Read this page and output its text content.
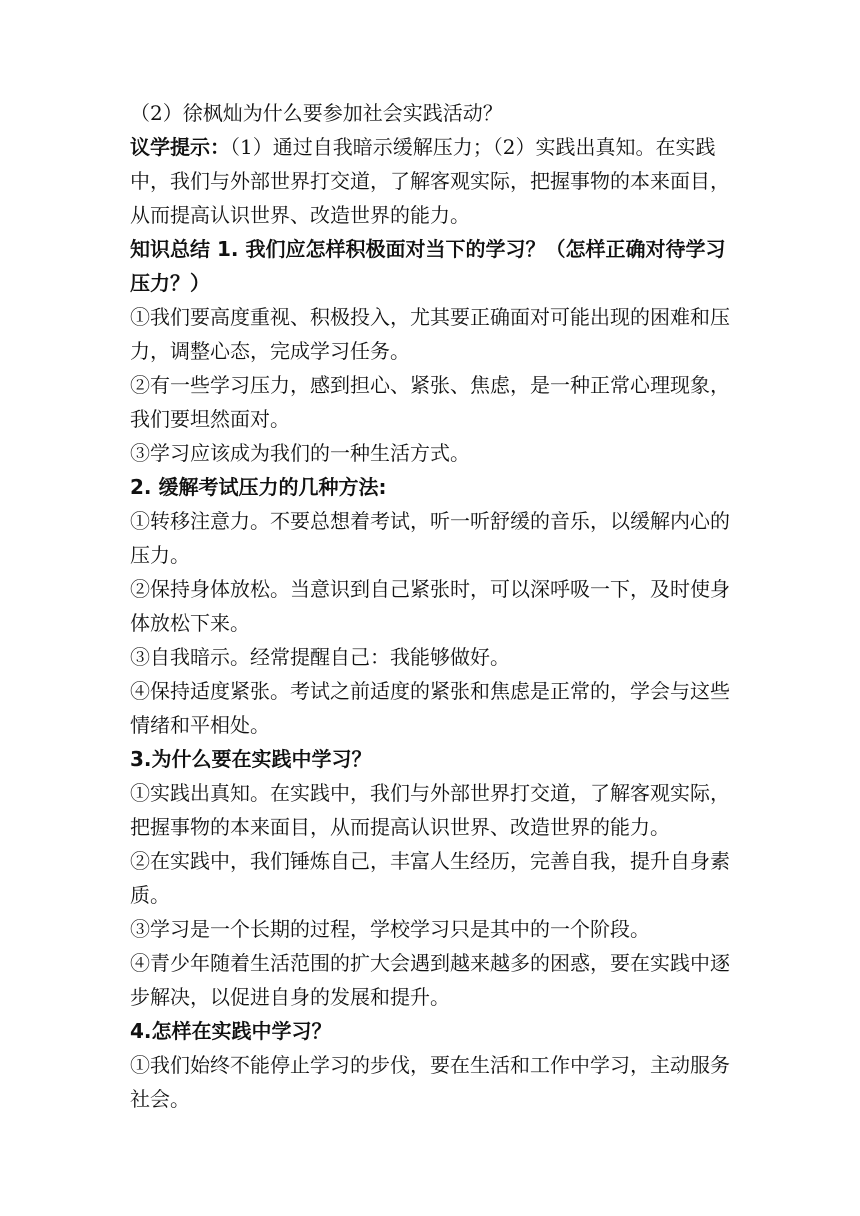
（2）徐枫灿为什么要参加社会实践活动？
议学提示：（1）通过自我暗示缓解压力；（2）实践出真知。在实践
中，我们与外部世界打交道，了解客观实际，把握事物的本来面目，
从而提高认识世界、改造世界的能力。
知识总结 1. 我们应怎样积极面对当下的学习？（怎样正确对待学习
压力？）
①我们要高度重视、积极投入，尤其要正确面对可能出现的困难和压
力，调整心态，完成学习任务。
②有一些学习压力，感到担心、紧张、焦虑，是一种正常心理现象，
我们要坦然面对。
③学习应该成为我们的一种生活方式。
2. 缓解考试压力的几种方法:
①转移注意力。不要总想着考试，听一听舒缓的音乐，以缓解内心的
压力。
②保持身体放松。当意识到自己紧张时，可以深呼吸一下，及时使身
体放松下来。
③自我暗示。经常提醒自己：我能够做好。
④保持适度紧张。考试之前适度的紧张和焦虑是正常的，学会与这些
情绪和平相处。
3.为什么要在实践中学习？
①实践出真知。在实践中，我们与外部世界打交道，了解客观实际，
把握事物的本来面目，从而提高认识世界、改造世界的能力。
②在实践中，我们锤炼自己，丰富人生经历，完善自我，提升自身素
质。
③学习是一个长期的过程，学校学习只是其中的一个阶段。
④青少年随着生活范围的扩大会遇到越来越多的困惑，要在实践中逐
步解决，以促进自身的发展和提升。
4.怎样在实践中学习？
①我们始终不能停止学习的步伐，要在生活和工作中学习，主动服务
社会。
